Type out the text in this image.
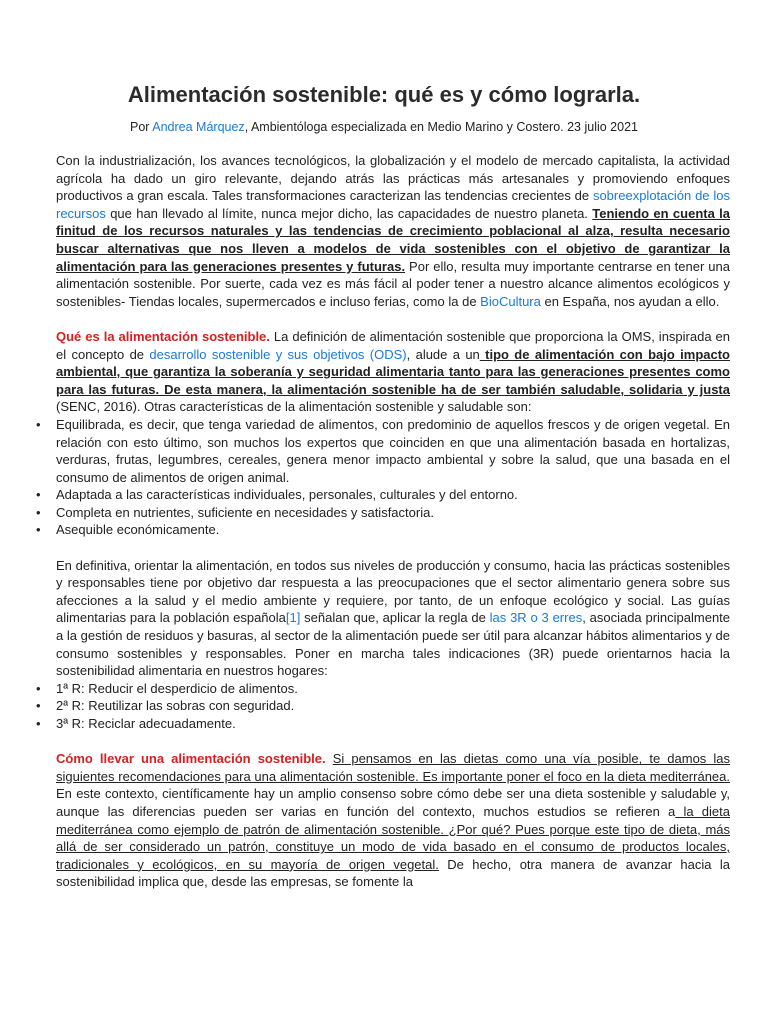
Alimentación sostenible: qué es y cómo lograrla.

Por Andrea Márquez, Ambientóloga especializada en Medio Marino y Costero. 23 julio 2021

Con la industrialización, los avances tecnológicos, la globalización y el modelo de mercado capitalista, la actividad agrícola ha dado un giro relevante, dejando atrás las prácticas más artesanales y promoviendo enfoques productivos a gran escala. Tales transformaciones caracterizan las tendencias crecientes de sobreexplotación de los recursos que han llevado al límite, nunca mejor dicho, las capacidades de nuestro planeta. Teniendo en cuenta la finitud de los recursos naturales y las tendencias de crecimiento poblacional al alza, resulta necesario buscar alternativas que nos lleven a modelos de vida sostenibles con el objetivo de garantizar la alimentación para las generaciones presentes y futuras. Por ello, resulta muy importante centrarse en tener una alimentación sostenible. Por suerte, cada vez es más fácil al poder tener a nuestro alcance alimentos ecológicos y sostenibles- Tiendas locales, supermercados e incluso ferias, como la de BioCultura en España, nos ayudan a ello.

Qué es la alimentación sostenible. La definición de alimentación sostenible que proporciona la OMS, inspirada en el concepto de desarrollo sostenible y sus objetivos (ODS), alude a un tipo de alimentación con bajo impacto ambiental, que garantiza la soberanía y seguridad alimentaria tanto para las generaciones presentes como para las futuras. De esta manera, la alimentación sostenible ha de ser también saludable, solidaria y justa (SENC, 2016). Otras características de la alimentación sostenible y saludable son:

• Equilibrada, es decir, que tenga variedad de alimentos, con predominio de aquellos frescos y de origen vegetal. En relación con esto último, son muchos los expertos que coinciden en que una alimentación basada en hortalizas, verduras, frutas, legumbres, cereales, genera menor impacto ambiental y sobre la salud, que una basada en el consumo de alimentos de origen animal.
• Adaptada a las características individuales, personales, culturales y del entorno.
• Completa en nutrientes, suficiente en necesidades y satisfactoria.
• Asequible económicamente.

En definitiva, orientar la alimentación, en todos sus niveles de producción y consumo, hacia las prácticas sostenibles y responsables tiene por objetivo dar respuesta a las preocupaciones que el sector alimentario genera sobre sus afecciones a la salud y el medio ambiente y requiere, por tanto, de un enfoque ecológico y social. Las guías alimentarias para la población española[1] señalan que, aplicar la regla de las 3R o 3 erres, asociada principalmente a la gestión de residuos y basuras, al sector de la alimentación puede ser útil para alcanzar hábitos alimentarios y de consumo sostenibles y responsables. Poner en marcha tales indicaciones (3R) puede orientarnos hacia la sostenibilidad alimentaria en nuestros hogares:

• 1ª R: Reducir el desperdicio de alimentos.
• 2ª R: Reutilizar las sobras con seguridad.
• 3ª R: Reciclar adecuadamente.

Cómo llevar una alimentación sostenible. Si pensamos en las dietas como una vía posible, te damos las siguientes recomendaciones para una alimentación sostenible. Es importante poner el foco en la dieta mediterránea. En este contexto, científicamente hay un amplio consenso sobre cómo debe ser una dieta sostenible y saludable y, aunque las diferencias pueden ser varias en función del contexto, muchos estudios se refieren a la dieta mediterránea como ejemplo de patrón de alimentación sostenible. ¿Por qué? Pues porque este tipo de dieta, más allá de ser considerado un patrón, constituye un modo de vida basado en el consumo de productos locales, tradicionales y ecológicos, en su mayoría de origen vegetal. De hecho, otra manera de avanzar hacia la sostenibilidad implica que, desde las empresas, se fomente la
